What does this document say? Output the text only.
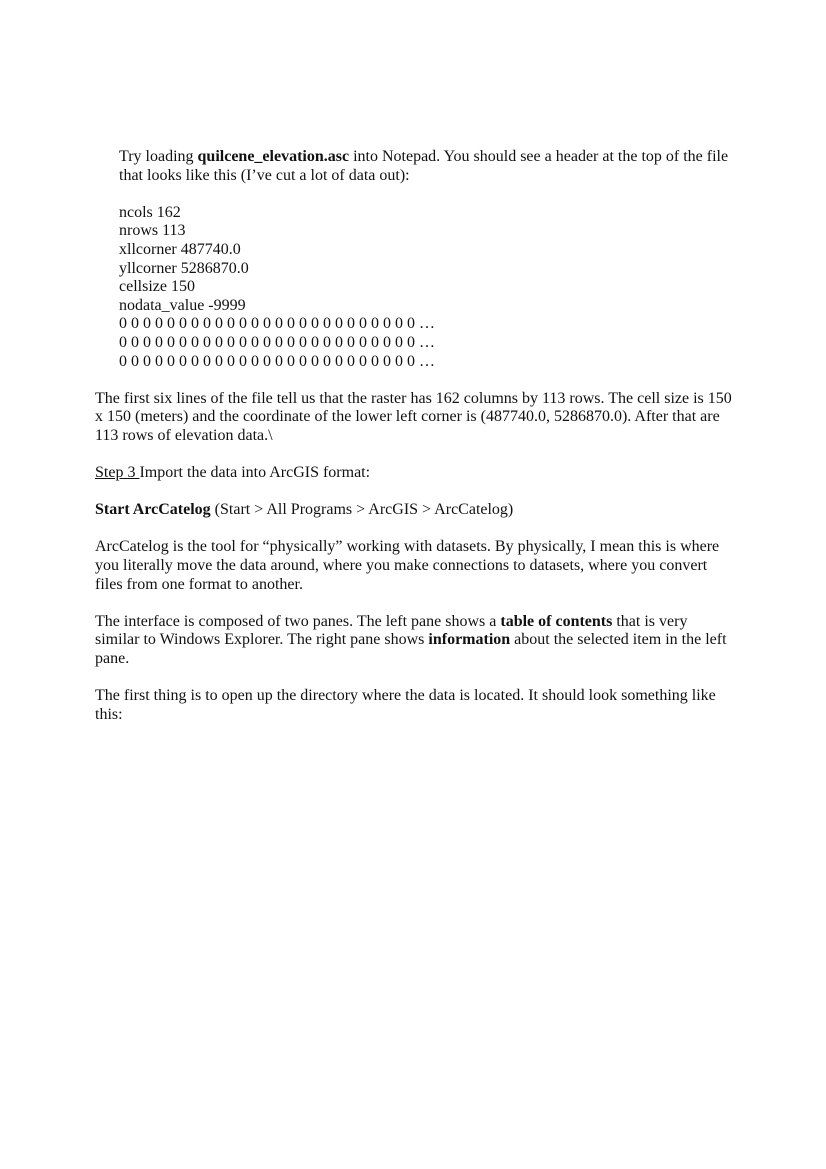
Try loading quilcene_elevation.asc into Notepad. You should see a header at the top of the file that looks like this (I’ve cut a lot of data out):

ncols 162
nrows 113
xllcorner 487740.0
yllcorner 5286870.0
cellsize 150
nodata_value -9999
0 0 0 0 0 0 0 0 0 0 0 0 0 0 0 0 0 0 0 0 0 0 0 0 0 …
0 0 0 0 0 0 0 0 0 0 0 0 0 0 0 0 0 0 0 0 0 0 0 0 0 …
0 0 0 0 0 0 0 0 0 0 0 0 0 0 0 0 0 0 0 0 0 0 0 0 0 …

The first six lines of the file tell us that the raster has 162 columns by 113 rows. The cell size is 150 x 150 (meters) and the coordinate of the lower left corner is (487740.0, 5286870.0). After that are 113 rows of elevation data.\

Step 3 Import the data into ArcGIS format:

Start ArcCatelog (Start > All Programs > ArcGIS > ArcCatelog)

ArcCatelog is the tool for “physically” working with datasets. By physically, I mean this is where you literally move the data around, where you make connections to datasets, where you convert files from one format to another.

The interface is composed of two panes. The left pane shows a table of contents that is very similar to Windows Explorer. The right pane shows information about the selected item in the left pane.

The first thing is to open up the directory where the data is located. It should look something like this:
